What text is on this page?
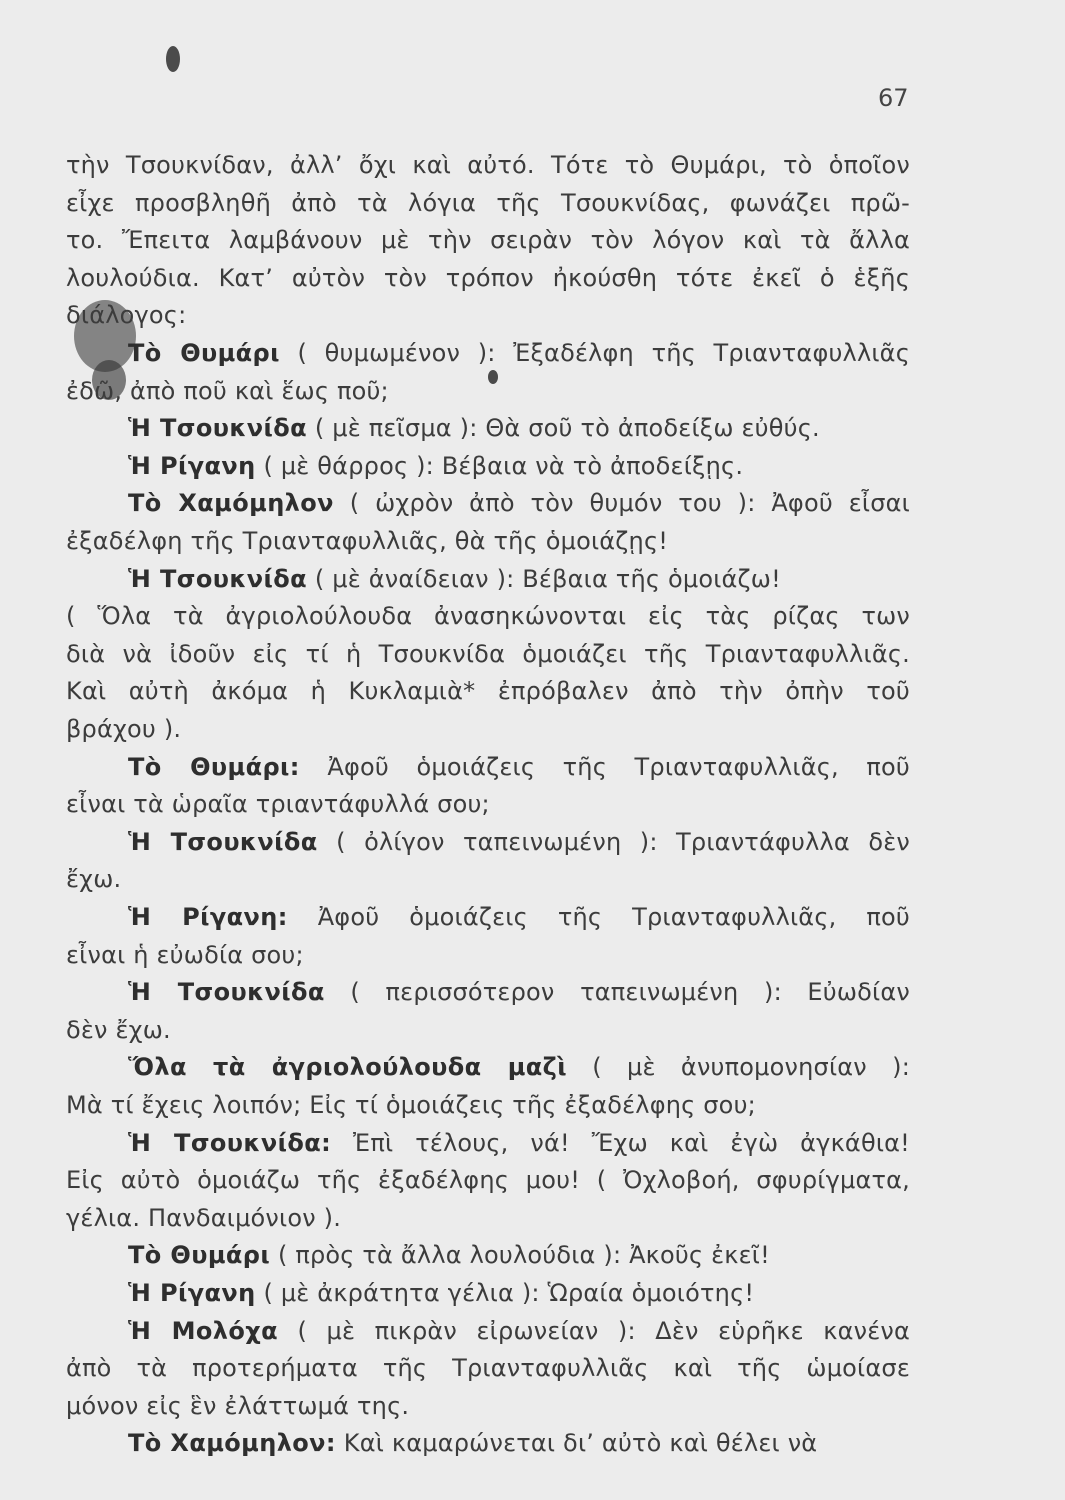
67
τὴν Τσουκνίδαν, ἀλλ’ ὄχι καὶ αὐτό. Τότε τὸ Θυμάρι, τὸ ὁποῖον
εἶχε προσβληθῆ ἀπὸ τὰ λόγια τῆς Τσουκνίδας, φωνάζει πρῶ-
το. Ἔπειτα λαμβάνουν μὲ τὴν σειρὰν τὸν λόγον καὶ τὰ ἄλλα
λουλούδια. Κατ’ αὐτὸν τὸν τρόπον ἠκούσθη τότε ἐκεῖ ὁ ἑξῆς
διάλογος:
Τὸ Θυμάρι ( θυμωμένον ): Ἐξαδέλφη τῆς Τριανταφυλλιᾶς
ἐδῶ, ἀπὸ ποῦ καὶ ἕως ποῦ;
Ἡ Τσουκνίδα ( μὲ πεῖσμα ): Θὰ σοῦ τὸ ἀποδείξω εὐθύς.
Ἡ Ρίγανη ( μὲ θάρρος ): Βέβαια νὰ τὸ ἀποδείξῃς.
Τὸ Χαμόμηλον ( ὠχρὸν ἀπὸ τὸν θυμόν του ): Ἀφοῦ εἶσαι
ἐξαδέλφη τῆς Τριανταφυλλιᾶς, θὰ τῆς ὁμοιάζῃς!
Ἡ Τσουκνίδα ( μὲ ἀναίδειαν ): Βέβαια τῆς ὁμοιάζω!
( Ὅλα τὰ ἀγριολούλουδα ἀνασηκώνονται εἰς τὰς ρίζας των
διὰ νὰ ἰδοῦν εἰς τί ἡ Τσουκνίδα ὁμοιάζει τῆς Τριανταφυλλιᾶς.
Καὶ αὐτὴ ἀκόμα ἡ Κυκλαμιὰ* ἐπρόβαλεν ἀπὸ τὴν ὀπὴν τοῦ
βράχου ).
Τὸ Θυμάρι: Ἀφοῦ ὁμοιάζεις τῆς Τριανταφυλλιᾶς, ποῦ
εἶναι τὰ ὡραῖα τριαντάφυλλά σου;
Ἡ Τσουκνίδα ( ὀλίγον ταπεινωμένη ): Τριαντάφυλλα δὲν
ἔχω.
Ἡ Ρίγανη: Ἀφοῦ ὁμοιάζεις τῆς Τριανταφυλλιᾶς, ποῦ
εἶναι ἡ εὐωδία σου;
Ἡ Τσουκνίδα ( περισσότερον ταπεινωμένη ): Εὐωδίαν
δὲν ἔχω.
Ὅλα τὰ ἀγριολούλουδα μαζὶ ( μὲ ἀνυπομονησίαν ):
Μὰ τί ἔχεις λοιπόν; Εἰς τί ὁμοιάζεις τῆς ἐξαδέλφης σου;
Ἡ Τσουκνίδα: Ἐπὶ τέλους, νά! Ἔχω καὶ ἐγὼ ἀγκάθια!
Εἰς αὐτὸ ὁμοιάζω τῆς ἐξαδέλφης μου! ( Ὀχλοβοή, σφυρίγματα,
γέλια. Πανδαιμόνιον ).
Τὸ Θυμάρι ( πρὸς τὰ ἄλλα λουλούδια ): Ἀκοῦς ἐκεῖ!
Ἡ Ρίγανη ( μὲ ἀκράτητα γέλια ): Ὡραία ὁμοιότης!
Ἡ Μολόχα ( μὲ πικρὰν εἰρωνείαν ): Δὲν εὑρῆκε κανένα
ἀπὸ τὰ προτερήματα τῆς Τριανταφυλλιᾶς καὶ τῆς ὡμοίασε
μόνον εἰς ἓν ἐλάττωμά της.
Τὸ Χαμόμηλον: Καὶ καμαρώνεται δι’ αὐτὸ καὶ θέλει νὰ
